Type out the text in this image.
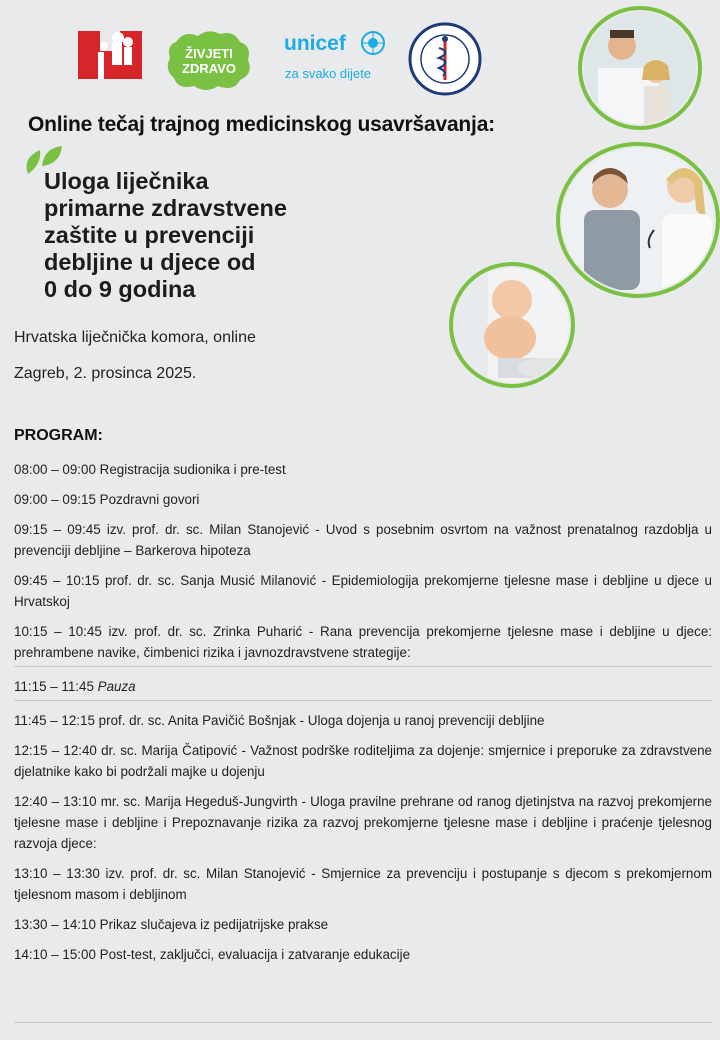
ŽIVJETI
ZDRAVO
unicef
za svako dijete
Online tečaj trajnog medicinskog usavršavanja:
Uloga liječnika
primarne zdravstvene
zaštite u prevenciji
debljine u djece od
0 do 9 godina
Hrvatska liječnička komora, online
Zagreb, 2. prosinca 2025.
PROGRAM:
08:00 – 09:00 Registracija sudionika i pre-test
09:00 – 09:15 Pozdravni govori
09:15 – 09:45 izv. prof. dr. sc. Milan Stanojević - Uvod s posebnim osvrtom na važnost prenatalnog razdoblja u prevenciji debljine – Barkerova hipoteza
09:45 – 10:15 prof. dr. sc. Sanja Musić Milanović - Epidemiologija prekomjerne tjelesne mase i debljine u djece u Hrvatskoj
10:15 – 10:45 izv. prof. dr. sc. Zrinka Puharić - Rana prevencija prekomjerne tjelesne mase i debljine u djece: prehrambene navike, čimbenici rizika i javnozdravstvene strategije:
11:15 – 11:45 Pauza
11:45 – 12:15 prof. dr. sc. Anita Pavičić Bošnjak - Uloga dojenja u ranoj prevenciji debljine
12:15 – 12:40 dr. sc. Marija Čatipović - Važnost podrške roditeljima za dojenje: smjernice i preporuke za zdravstvene djelatnike kako bi podržali majke u dojenju
12:40 – 13:10 mr. sc. Marija Hegeduš-Jungvirth - Uloga pravilne prehrane od ranog djetinjstva na razvoj prekomjerne tjelesne mase i debljine i Prepoznavanje rizika za razvoj prekomjerne tjelesne mase i debljine i praćenje tjelesnog razvoja djece:
13:10 – 13:30 izv. prof. dr. sc. Milan Stanojević - Smjernice za prevenciju i postupanje s djecom s prekomjernom tjelesnom masom i debljinom
13:30 – 14:10 Prikaz slučajeva iz pedijatrijske prakse
14:10 – 15:00 Post-test, zaključci, evaluacija i zatvaranje edukacije
